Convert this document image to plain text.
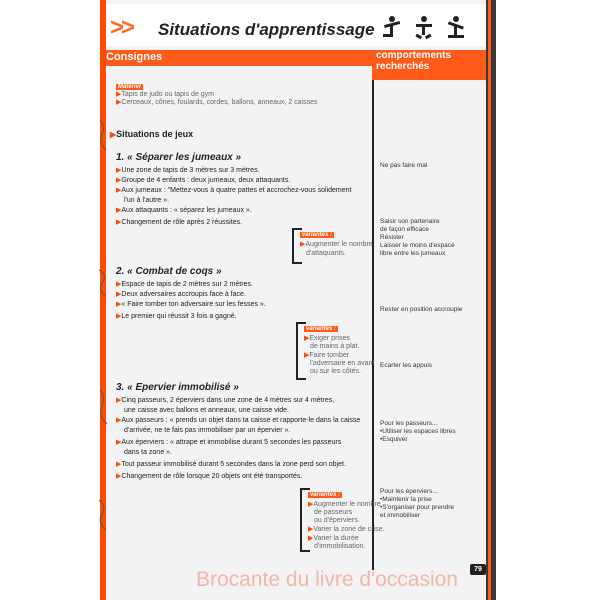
>> Situations d'apprentissage
Consignes	comportements
recherchés
Matériel
▶Tapis de judo ou tapis de gym
▶Cerceaux, cônes, foulards, cordes, ballons, anneaux, 2 caisses
▶Situations de jeux
1. « Séparer les jumeaux »
▶Une zone de tapis de 3 mètres sur 3 mètres.
▶Groupe de 4 enfants : deux jumeaux, deux attaquants.
▶Aux jumeaux : "Mettez-vous à quatre pattes et accrochez-vous solidement
l'un à l'autre ».
▶Aux attaquants : « séparez les jumeaux ».
▶Changement de rôle après 2 réussites.
variantes :
▶Augmenter le nombre
d'attaquants.
Ne pas faire mal
Saisir son partenaire
de façon efficace
Résister
Laisser le moins d'espace
libre entre les jumeaux
2. « Combat de coqs »
▶Espace de tapis de 2 mètres sur 2 mètres.
▶Deux adversaires accroupis face à face.
▶« Faire tomber ton adversaire sur les fesses ».
▶Le premier qui réussit 3 fois a gagné.
variantes :
▶Exiger prises
de mains à plat.
▶Faire tomber
l'adversaire en avant
ou sur les côtés.
Rester en position accroupie
Ecarter les appuis
3. « Epervier immobilisé »
▶Cinq passeurs, 2 éperviers dans une zone de 4 mètres sur 4 mètres,
une caisse avec ballons et anneaux, une caisse vide.
▶Aux passeurs : « prends un objet dans ta caisse et rapporte-le dans la caisse
d'arrivée, ne te fais pas immobiliser par un épervier ».
▶Aux éperviers : « attrape et immobilise durant 5 secondes les passeurs
dans ta zone ».
▶Tout passeur immobilisé durant 5 secondes dans la zone perd son objet.
▶Changement de rôle lorsque 20 objets ont été transportés.
variantes :
▶Augmenter le nombre
de passeurs
ou d'éperviers.
▶Varier la zone de crise.
▶Varier la durée
d'immobilisation.
Pour les passeurs...
•Utiliser les espaces libres
•Esquiver
Pour les éperviers...
•Maintenir la prise
•S'organiser pour prendre
et immobiliser
79
Brocante du livre d'occasion
